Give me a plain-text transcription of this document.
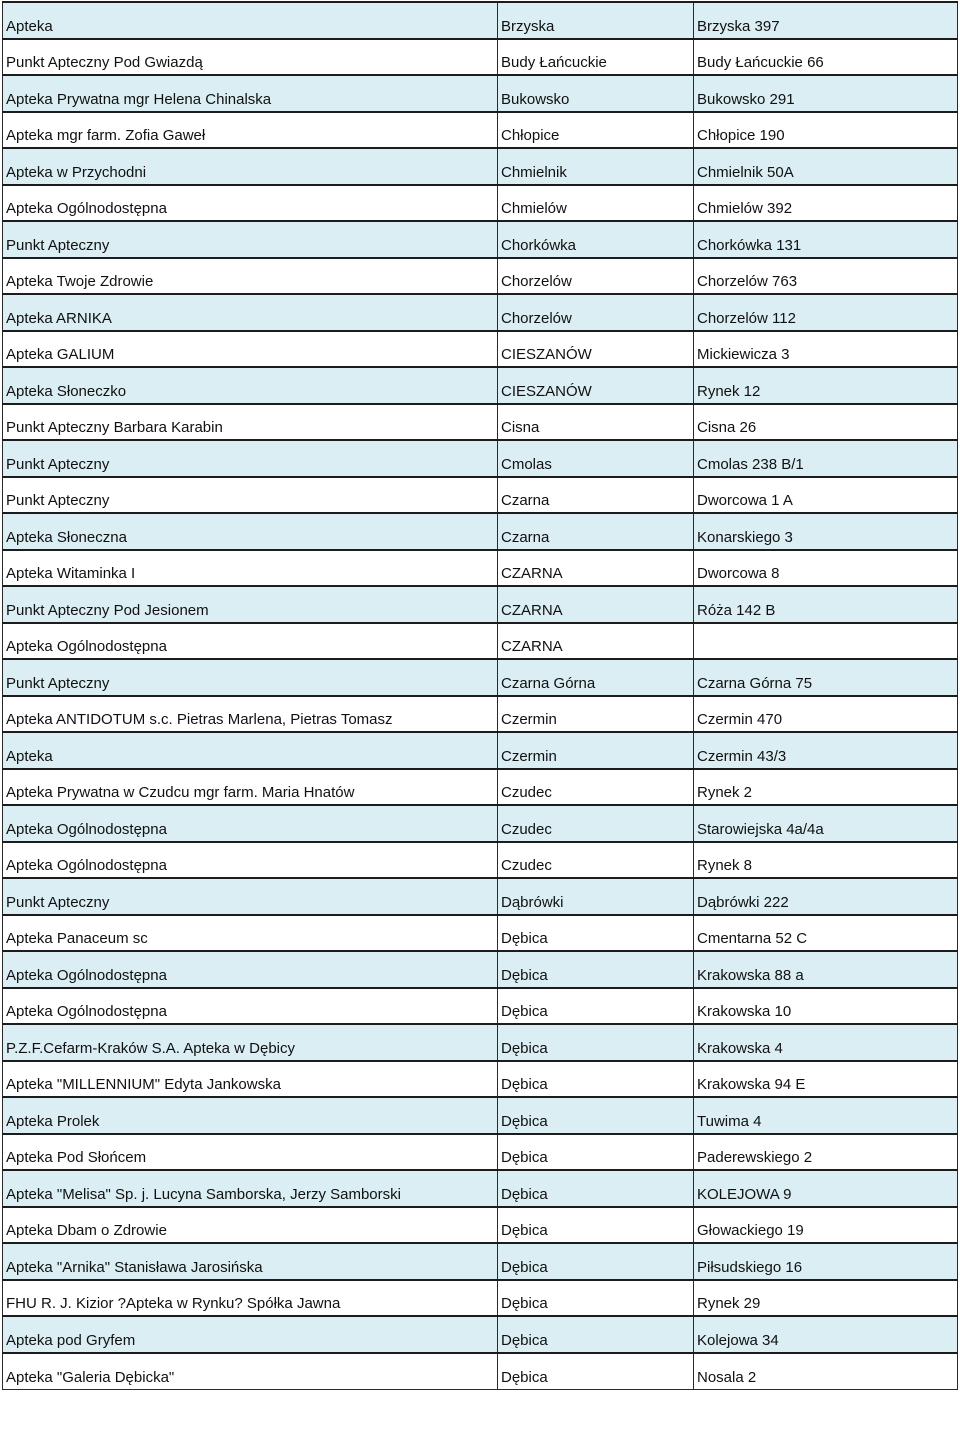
Apteka	Brzyska	Brzyska 397
Punkt Apteczny Pod Gwiazdą	Budy Łańcuckie	Budy Łańcuckie 66
Apteka Prywatna mgr Helena Chinalska	Bukowsko	Bukowsko 291
Apteka mgr farm. Zofia Gaweł	Chłopice	Chłopice 190
Apteka w Przychodni	Chmielnik	Chmielnik 50A
Apteka Ogólnodostępna	Chmielów	Chmielów 392
Punkt Apteczny	Chorkówka	Chorkówka 131
Apteka Twoje Zdrowie	Chorzelów	Chorzelów 763
Apteka ARNIKA	Chorzelów	Chorzelów 112
Apteka GALIUM	CIESZANÓW	Mickiewicza 3
Apteka Słoneczko	CIESZANÓW	Rynek 12
Punkt Apteczny Barbara Karabin	Cisna	Cisna 26
Punkt Apteczny	Cmolas	Cmolas 238 B/1
Punkt Apteczny	Czarna	Dworcowa 1 A
Apteka Słoneczna	Czarna	Konarskiego 3
Apteka Witaminka I	CZARNA	Dworcowa 8
Punkt Apteczny Pod Jesionem	CZARNA	Róża 142 B
Apteka Ogólnodostępna	CZARNA	
Punkt Apteczny	Czarna Górna	Czarna Górna 75
Apteka ANTIDOTUM s.c. Pietras Marlena, Pietras Tomasz	Czermin	Czermin 470
Apteka	Czermin	Czermin 43/3
Apteka Prywatna w Czudcu mgr farm. Maria Hnatów	Czudec	Rynek 2
Apteka Ogólnodostępna	Czudec	Starowiejska 4a/4a
Apteka Ogólnodostępna	Czudec	Rynek 8
Punkt Apteczny	Dąbrówki	Dąbrówki 222
Apteka Panaceum sc	Dębica	Cmentarna 52 C
Apteka Ogólnodostępna	Dębica	Krakowska 88 a
Apteka Ogólnodostępna	Dębica	Krakowska 10
P.Z.F.Cefarm-Kraków S.A. Apteka w Dębicy	Dębica	Krakowska 4
Apteka "MILLENNIUM" Edyta Jankowska	Dębica	Krakowska 94 E
Apteka Prolek	Dębica	Tuwima 4
Apteka Pod Słońcem	Dębica	Paderewskiego 2
Apteka "Melisa" Sp. j. Lucyna Samborska, Jerzy Samborski	Dębica	KOLEJOWA 9
Apteka Dbam o Zdrowie	Dębica	Głowackiego 19
Apteka "Arnika" Stanisława Jarosińska	Dębica	Piłsudskiego 16
FHU R. J. Kizior ?Apteka w Rynku? Spółka Jawna	Dębica	Rynek 29
Apteka pod Gryfem	Dębica	Kolejowa 34
Apteka "Galeria Dębicka"	Dębica	Nosala 2
